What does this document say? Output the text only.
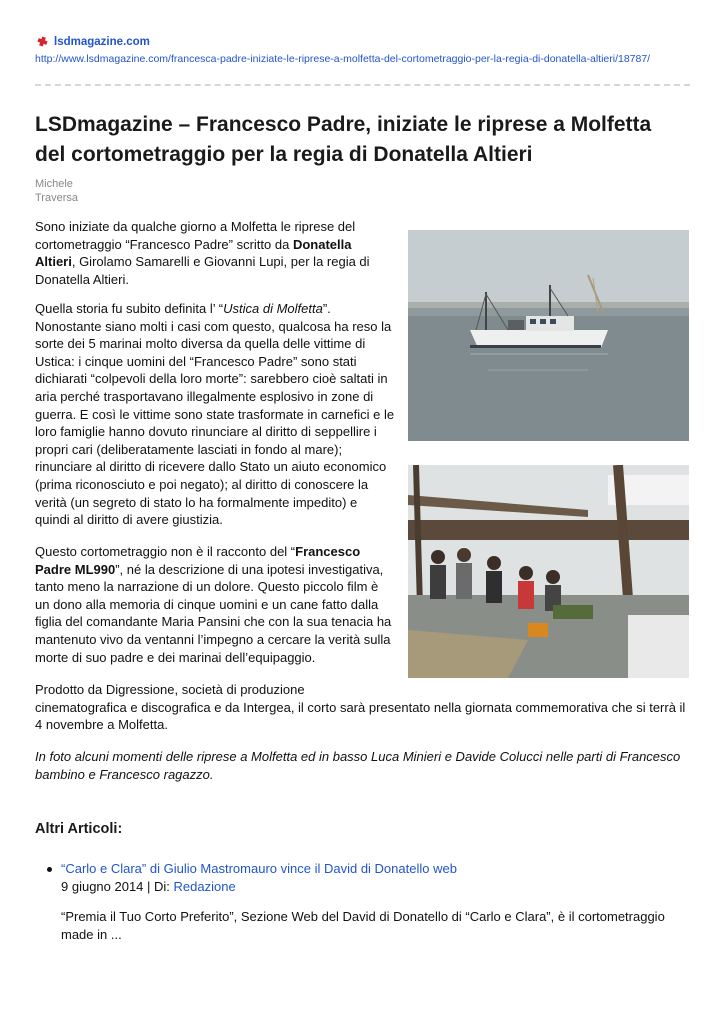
lsdmagazine.com
http://www.lsdmagazine.com/francesca-padre-iniziate-le-riprese-a-molfetta-del-cortometraggio-per-la-regia-di-donatella-altieri/18787/
LSDmagazine – Francesco Padre, iniziate le riprese a Molfetta del cortometraggio per la regia di Donatella Altieri
Michele Traversa

Sono iniziate da qualche giorno a Molfetta le riprese del cortometraggio “Francesco Padre” scritto da Donatella Altieri, Girolamo Samarelli e Giovanni Lupi, per la regia di Donatella Altieri.

Quella storia fu subito definita l’ “Ustica di Molfetta”. Nonostante siano molti i casi com questo, qualcosa ha reso la sorte dei 5 marinai molto diversa da quella delle vittime di Ustica: i cinque uomini del “Francesco Padre” sono stati dichiarati “colpevoli della loro morte”: sarebbero cioè saltati in aria perché trasportavano illegalmente esplosivo in zone di guerra. E così le vittime sono state trasformate in carnefici e le loro famiglie hanno dovuto rinunciare al diritto di seppellire i propri cari (deliberatamente lasciati in fondo al mare); rinunciare al diritto di ricevere dallo Stato un aiuto economico (prima riconosciuto e poi negato); al diritto di conoscere la verità (un segreto di stato lo ha formalmente impedito) e quindi al diritto di avere giustizia.

Questo cortometraggio non è il racconto del “Francesco Padre ML990”, né la descrizione di una ipotesi investigativa, tanto meno la narrazione di un dolore. Questo piccolo film è un dono alla memoria di cinque uomini e un cane fatto dalla figlia del comandante Maria Pansini che con la sua tenacia ha mantenuto vivo da ventanni l’impegno a cercare la verità sulla morte di suo padre e dei marinai dell’equipaggio.

Prodotto da Digressione, società di produzione
cinematografica e discografica e da Intergea, il corto sarà presentato nella giornata commemorativa che si terrà il 4 novembre a Molfetta.

In foto alcuni momenti delle riprese a Molfetta ed in basso Luca Minieri e Davide Colucci nelle parti di Francesco bambino e Francesco ragazzo.

Altri Articoli:
“Carlo e Clara” di Giulio Mastromauro vince il David di Donatello web
9 giugno 2014 | Di: Redazione
“Premia il Tuo Corto Preferito”, Sezione Web del David di Donatello di “Carlo e Clara”, è il cortometraggio made in ...
